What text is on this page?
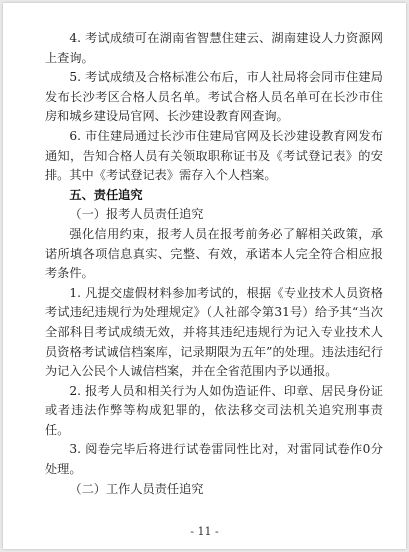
4. 考试成绩可在湖南省智慧住建云、湖南建设人力资源网上查询。

5. 考试成绩及合格标准公布后，市人社局将会同市住建局发布长沙考区合格人员名单。考试合格人员名单可在长沙市住房和城乡建设局官网、长沙建设教育网查询。

6. 市住建局通过长沙市住建局官网及长沙建设教育网发布通知，告知合格人员有关领取职称证书及《考试登记表》的安排。其中《考试登记表》需存入个人档案。

五、责任追究

（一）报考人员责任追究

强化信用约束，报考人员在报考前务必了解相关政策，承诺所填各项信息真实、完整、有效，承诺本人完全符合相应报考条件。

1. 凡提交虚假材料参加考试的，根据《专业技术人员资格考试违纪违规行为处理规定》（人社部令第31号）给予其“当次全部科目考试成绩无效，并将其违纪违规行为记入专业技术人员资格考试诚信档案库，记录期限为五年”的处理。违法违纪行为记入公民个人诚信档案，并在全省范围内予以通报。

2. 报考人员和相关行为人如伪造证件、印章、居民身份证或者违法作弊等构成犯罪的，依法移交司法机关追究刑事责任。

3. 阅卷完毕后将进行试卷雷同性比对，对雷同试卷作0分处理。

（二）工作人员责任追究

- 11 -
